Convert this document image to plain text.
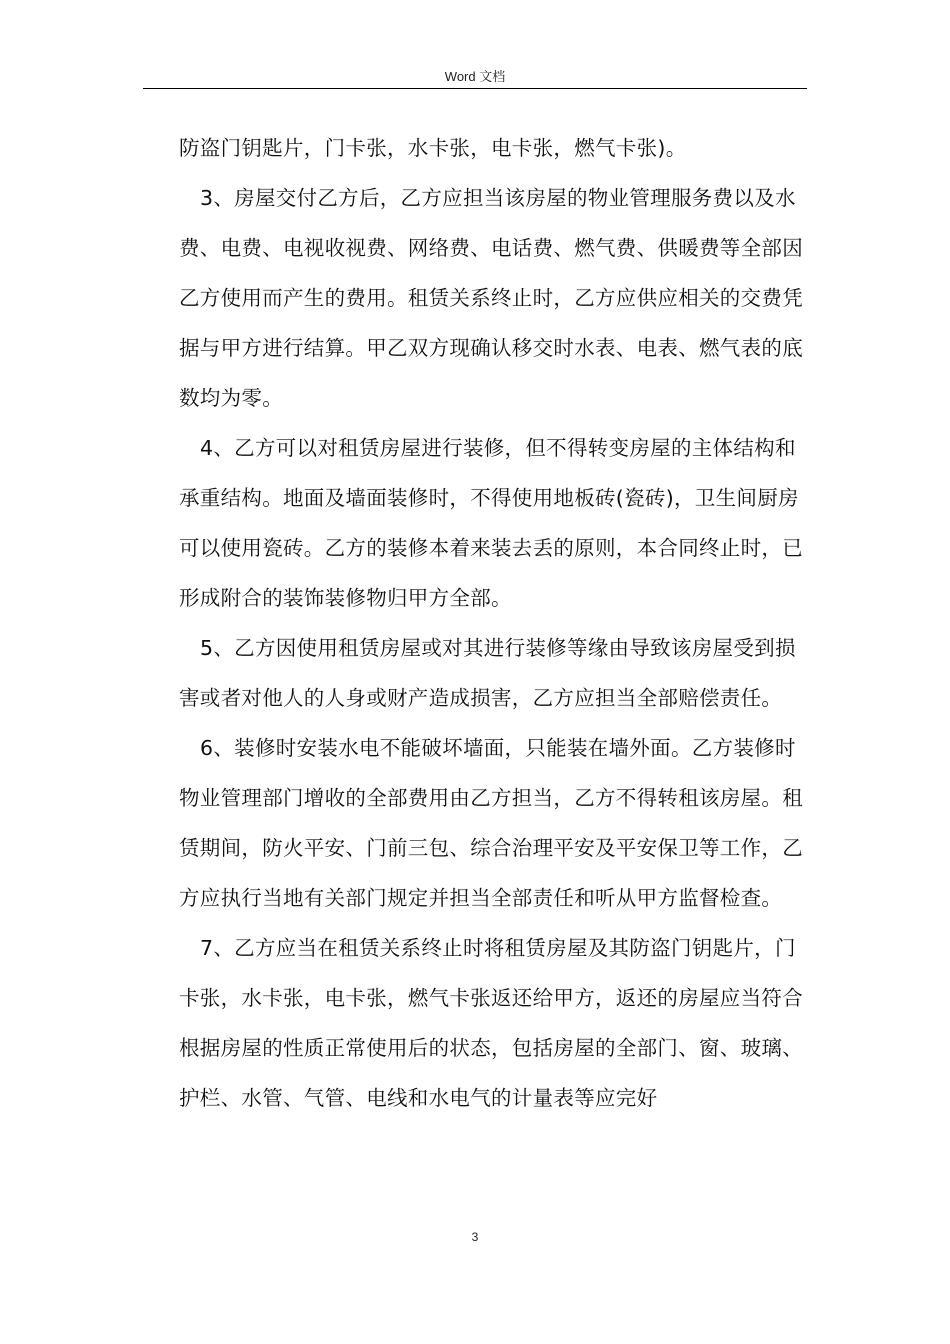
Word 文档

防盗门钥匙片，门卡张，水卡张，电卡张，燃气卡张)。

3、房屋交付乙方后，乙方应担当该房屋的物业管理服务费以及水费、电费、电视收视费、网络费、电话费、燃气费、供暖费等全部因乙方使用而产生的费用。租赁关系终止时，乙方应供应相关的交费凭据与甲方进行结算。甲乙双方现确认移交时水表、电表、燃气表的底数均为零。

4、乙方可以对租赁房屋进行装修，但不得转变房屋的主体结构和承重结构。地面及墙面装修时，不得使用地板砖(瓷砖)，卫生间厨房可以使用瓷砖。乙方的装修本着来装去丢的原则，本合同终止时，已形成附合的装饰装修物归甲方全部。

5、乙方因使用租赁房屋或对其进行装修等缘由导致该房屋受到损害或者对他人的人身或财产造成损害，乙方应担当全部赔偿责任。

6、装修时安装水电不能破坏墙面，只能装在墙外面。乙方装修时物业管理部门增收的全部费用由乙方担当，乙方不得转租该房屋。租赁期间，防火平安、门前三包、综合治理平安及平安保卫等工作，乙方应执行当地有关部门规定并担当全部责任和听从甲方监督检查。

7、乙方应当在租赁关系终止时将租赁房屋及其防盗门钥匙片，门卡张，水卡张，电卡张，燃气卡张返还给甲方，返还的房屋应当符合根据房屋的性质正常使用后的状态，包括房屋的全部门、窗、玻璃、护栏、水管、气管、电线和水电气的计量表等应完好

3
